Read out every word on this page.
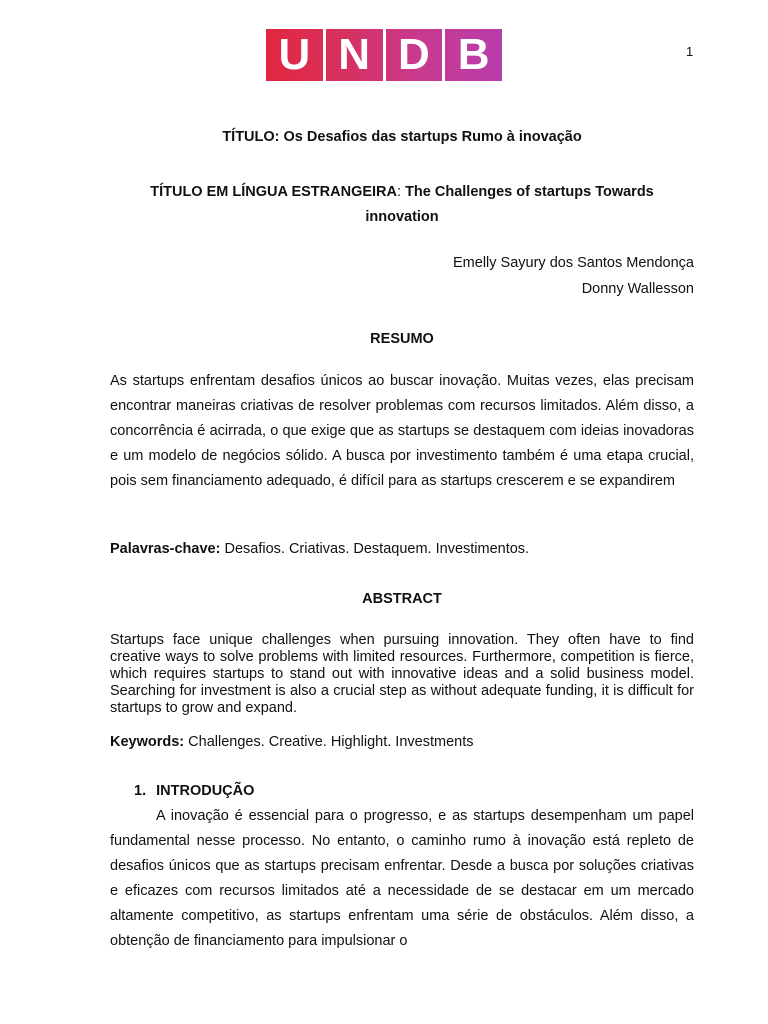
U N D B	1
TÍTULO: Os Desafios das startups Rumo à inovação
TÍTULO EM LÍNGUA ESTRANGEIRA: The Challenges of startups Towards
innovation
Emelly Sayury dos Santos Mendonça
Donny Wallesson
RESUMO

As startups enfrentam desafios únicos ao buscar inovação. Muitas vezes, elas precisam encontrar maneiras criativas de resolver problemas com recursos limitados. Além disso, a concorrência é acirrada, o que exige que as startups se destaquem com ideias inovadoras e um modelo de negócios sólido. A busca por investimento também é uma etapa crucial, pois sem financiamento adequado, é difícil para as startups crescerem e se expandirem

Palavras-chave: Desafios. Criativas. Destaquem. Investimentos.
ABSTRACT

Startups face unique challenges when pursuing innovation. They often have to find creative ways to solve problems with limited resources. Furthermore, competition is fierce, which requires startups to stand out with innovative ideas and a solid business model. Searching for investment is also a crucial step as without adequate funding, it is difficult for startups to grow and expand.

Keywords: Challenges. Creative. Highlight. Investments
1. INTRODUÇÃO
A inovação é essencial para o progresso, e as startups desempenham um papel fundamental nesse processo. No entanto, o caminho rumo à inovação está repleto de desafios únicos que as startups precisam enfrentar. Desde a busca por soluções criativas e eficazes com recursos limitados até a necessidade de se destacar em um mercado altamente competitivo, as startups enfrentam uma série de obstáculos. Além disso, a obtenção de financiamento para impulsionar o
